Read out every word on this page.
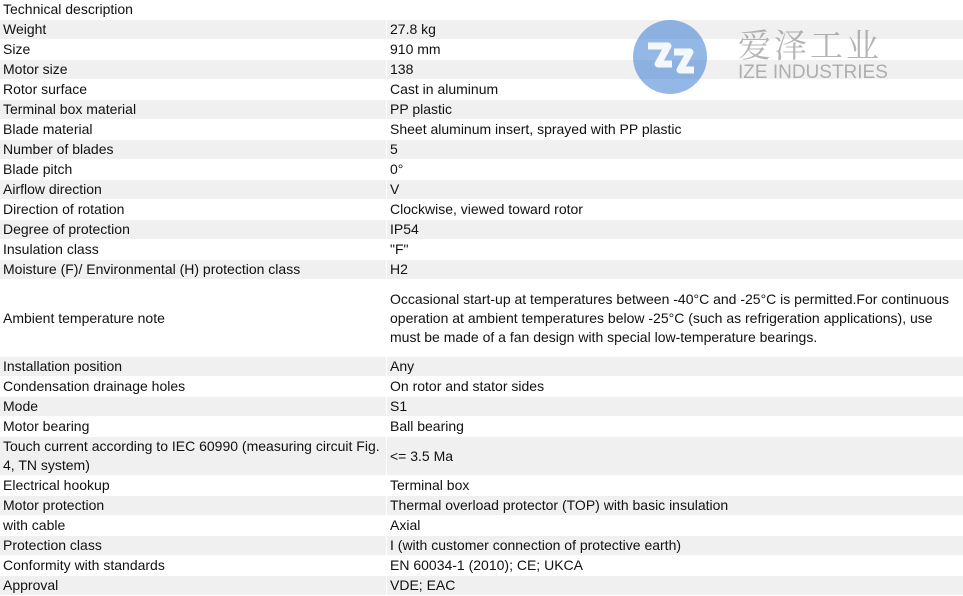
Technical description	
Weight	27.8 kg
Size	910 mm
Motor size	138
Rotor surface	Cast in aluminum
Terminal box material	PP plastic
Blade material	Sheet aluminum insert, sprayed with PP plastic
Number of blades	5
Blade pitch	0°
Airflow direction	V
Direction of rotation	Clockwise, viewed toward rotor
Degree of protection	IP54
Insulation class	"F"
Moisture (F)/ Environmental (H) protection class	H2
Ambient temperature note	Occasional start-up at temperatures between -40°C and -25°C is permitted.For continuous operation at ambient temperatures below -25°C (such as refrigeration applications), use must be made of a fan design with special low-temperature bearings.
Installation position	Any
Condensation drainage holes	On rotor and stator sides
Mode	S1
Motor bearing	Ball bearing
Touch current according to IEC 60990 (measuring circuit Fig. 4, TN system)	<= 3.5 Ma
Electrical hookup	Terminal box
Motor protection	Thermal overload protector (TOP) with basic insulation
with cable	Axial
Protection class	I (with customer connection of protective earth)
Conformity with standards	EN 60034-1 (2010); CE; UKCA
Approval	VDE; EAC
爱泽工业
IZE INDUSTRIES
